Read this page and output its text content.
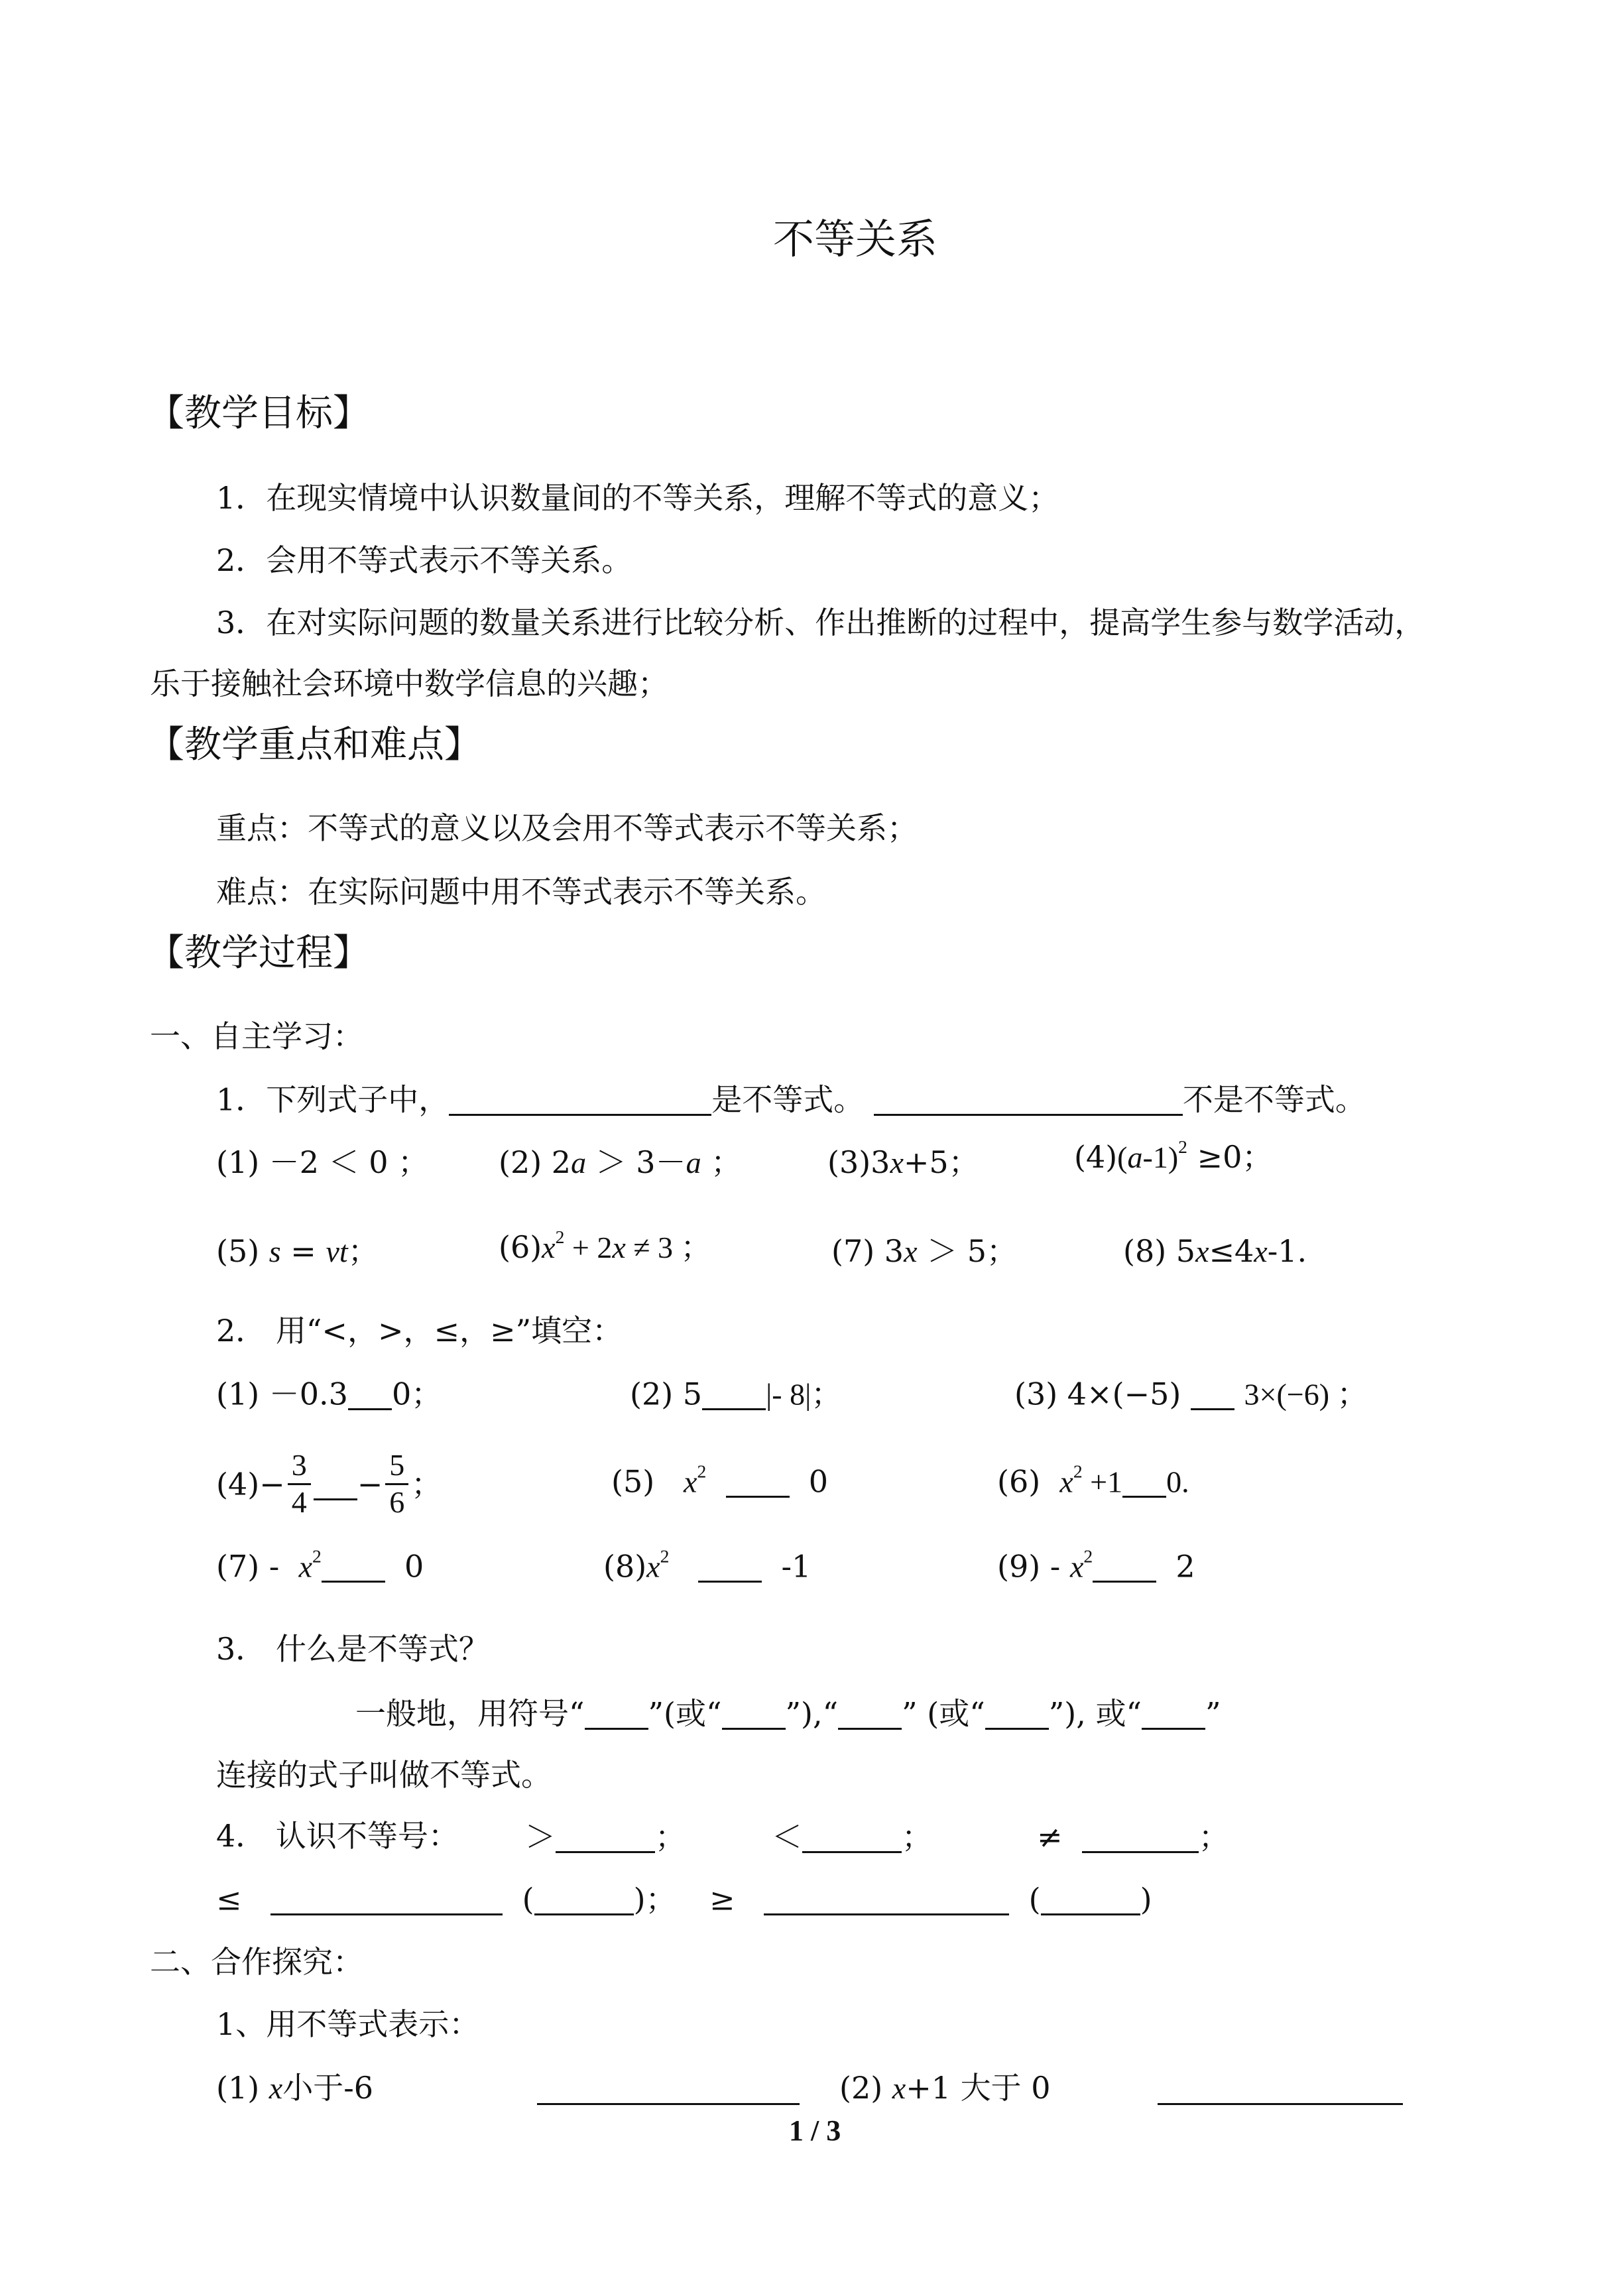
不等关系
【教学目标】
1．在现实情境中认识数量间的不等关系，理解不等式的意义；
2．会用不等式表示不等关系。
3．在对实际问题的数量关系进行比较分析、作出推断的过程中，提高学生参与数学活动，
乐于接触社会环境中数学信息的兴趣；
【教学重点和难点】
重点：不等式的意义以及会用不等式表示不等关系；
难点：在实际问题中用不等式表示不等关系。
【教学过程】
一、自主学习：
1．下列式子中，	是不等式。	不是不等式。
(1) －2 ＜ 0 ； (2) 2a ＞ 3－a ；	(3)3x+5；	$(4)(a-1)^2 \ge 0$；
(5) s = vt；	$(6)x^2 + 2x \ne 3$ ；	(7) 3x ＞ 5；	(8) 5x≤4x-1.
2． 用“<，>，≤，≥”填空：
(1) －0.3 0；	(2) 5 |- 8|；	(3) 4×(−5) 3×(−6) ；
$(4)- \frac{3}{4} - \frac{5}{6}$ ；	(5) $x^2$	0	(6) $x^2 +1$ 0.
$(7) - x^2$	0	$(8)x^2$	-1	$(9) - x^2$	2
3． 什么是不等式？
一般地，用符号“ ”(或“ ”),“ ” (或“ ”), 或“ ”
连接的式子叫做不等式。
4． 认识不等号： ＞	；	＜	；	≠	；
≤	(	)； ≥	(	)
二、合作探究：
1、用不等式表示：
(1) x小于-6	(2) x+1 大于 0
1 / 3
